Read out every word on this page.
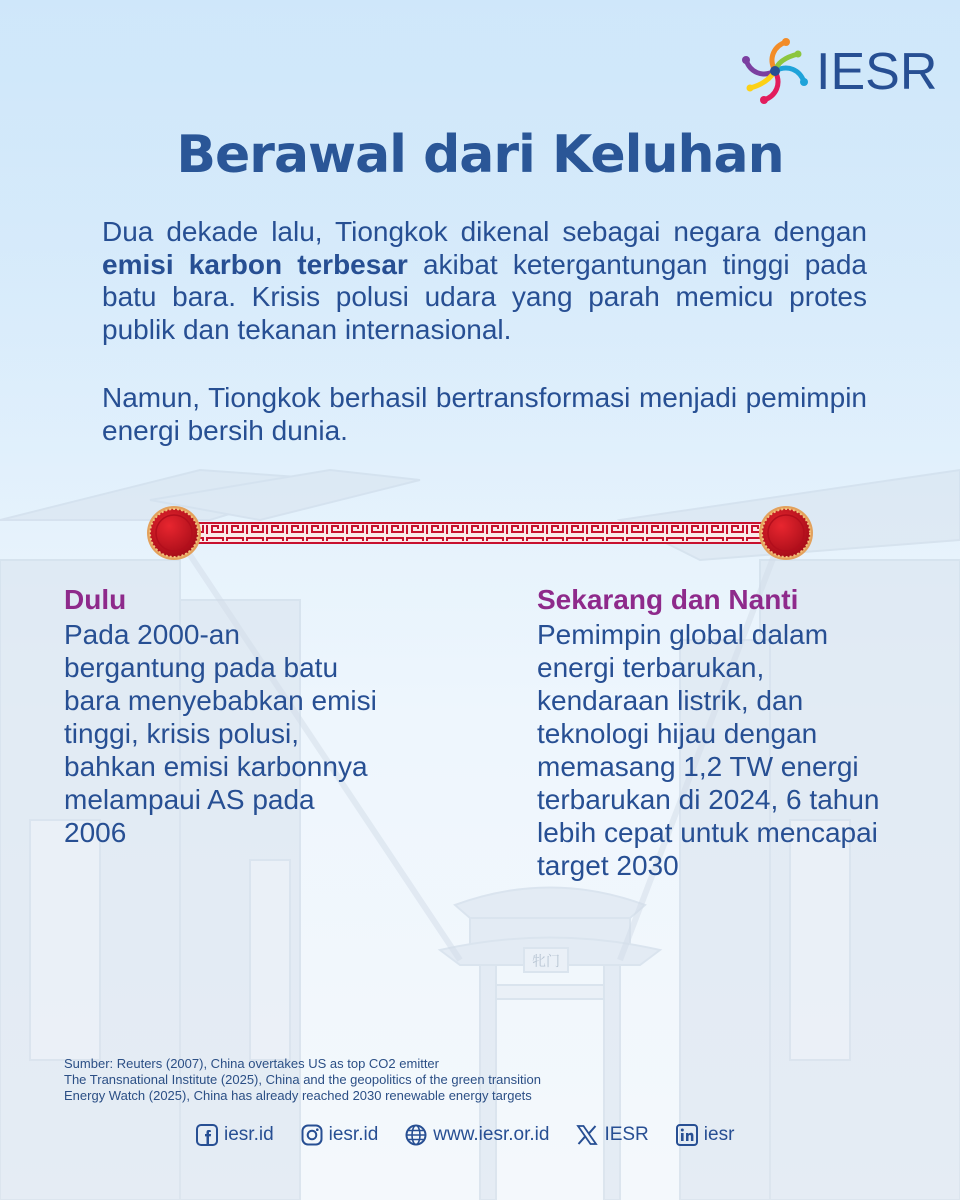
牝门
IESR
Berawal dari Keluhan

Dua dekade lalu, Tiongkok dikenal sebagai negara dengan emisi karbon terbesar akibat ketergantungan tinggi pada batu bara. Krisis polusi udara yang parah memicu protes publik dan tekanan internasional.

Namun, Tiongkok berhasil bertransformasi menjadi pemimpin energi bersih dunia.

Dulu

Pada 2000-an bergantung pada batu bara menyebabkan emisi tinggi, krisis polusi, bahkan emisi karbonnya melampaui AS pada 2006

Sekarang dan Nanti

Pemimpin global dalam energi terbarukan, kendaraan listrik, dan teknologi hijau dengan memasang 1,2 TW energi terbarukan di 2024, 6 tahun lebih cepat untuk mencapai target 2030

Sumber: Reuters (2007), China overtakes US as top CO2 emitter
The Transnational Institute (2025), China and the geopolitics of the green transition
Energy Watch (2025), China has already reached 2030 renewable energy targets
iesr.id	iesr.id	www.iesr.or.id	IESR	iesr
